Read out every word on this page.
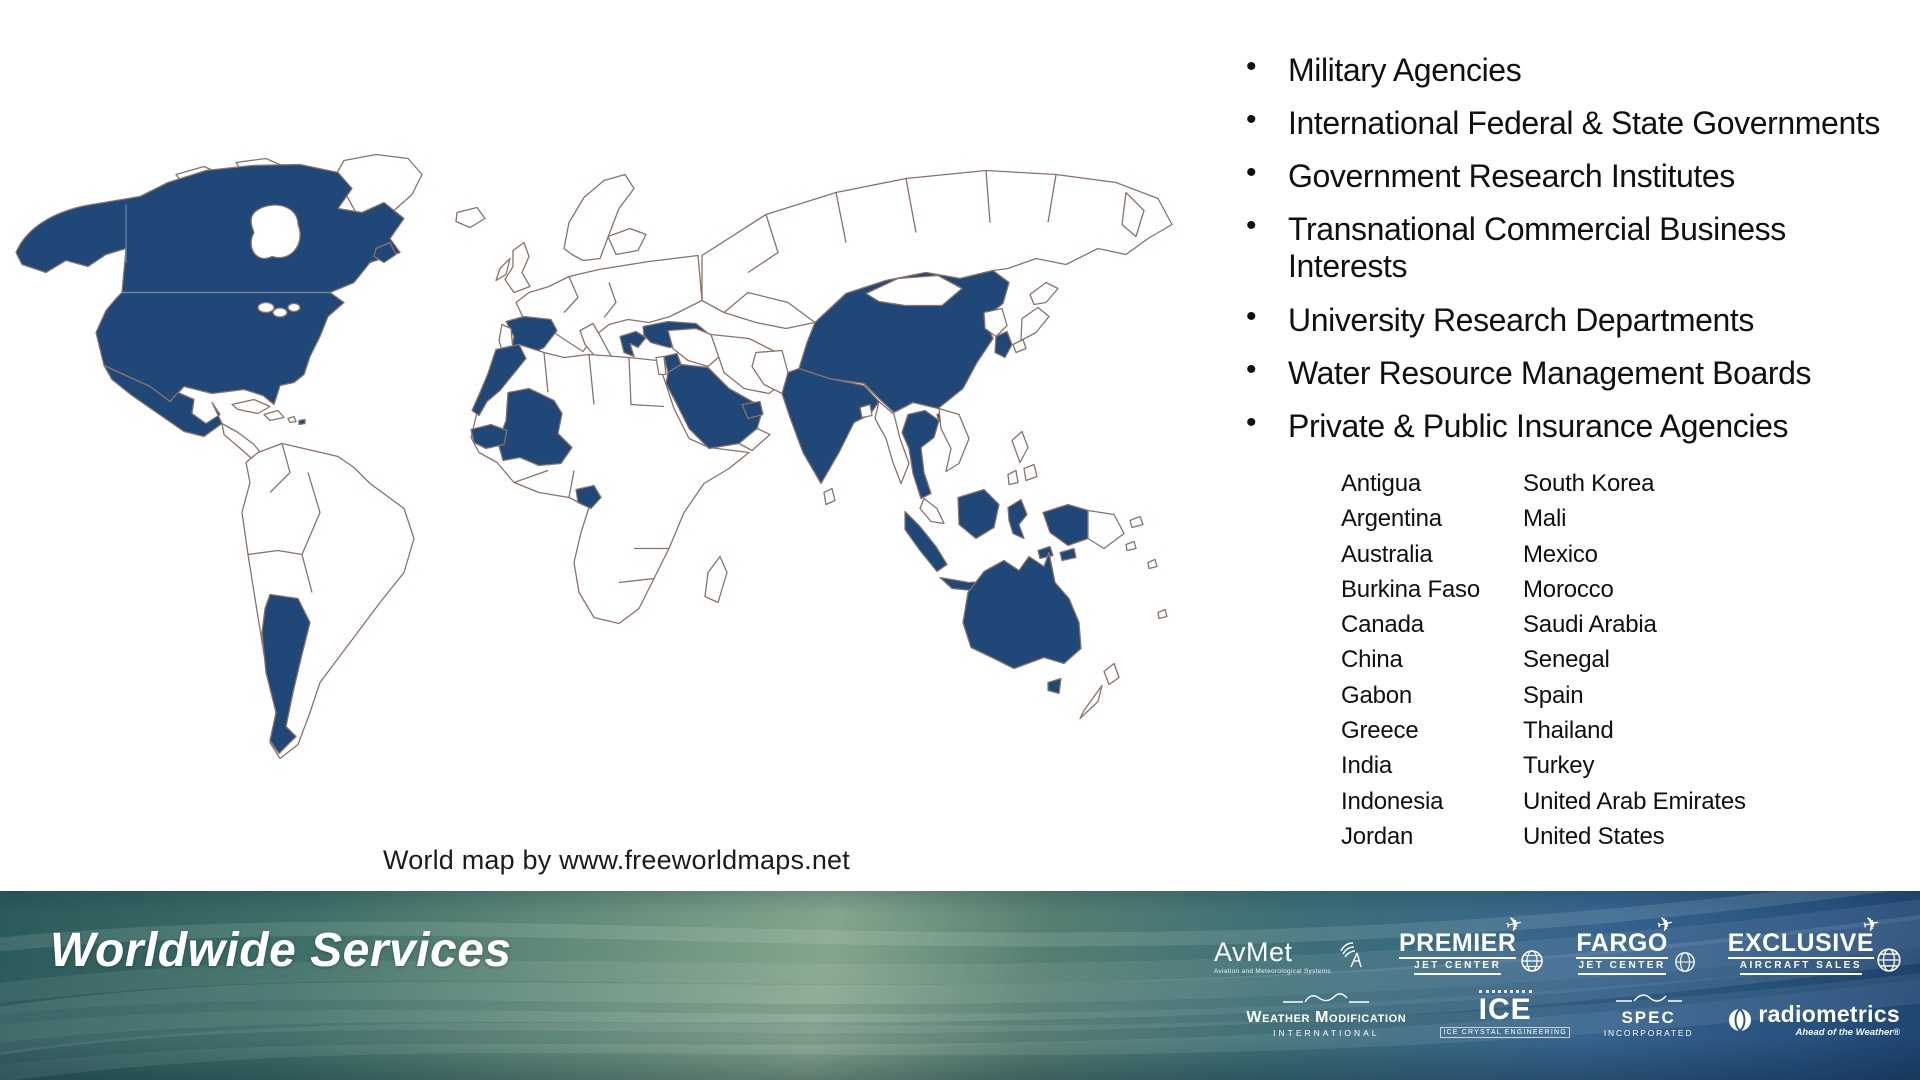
World map by www.freeworldmaps.net
• Military Agencies
• International Federal & State Governments
• Government Research Institutes
• Transnational Commercial Business Interests
• University Research Departments
• Water Resource Management Boards
• Private & Public Insurance Agencies
Antigua
Argentina
Australia
Burkina Faso
Canada
China
Gabon
Greece
India
Indonesia
Jordan
South Korea
Mali
Mexico
Morocco
Saudi Arabia
Senegal
Spain
Thailand
Turkey
United Arab Emirates
United States
Worldwide Services	AvMet
Aviation and Meteorological Systems
✈
PREMIER
JET CENTER
✈
FARGO
JET CENTER
✈
EXCLUSIVE
AIRCRAFT SALES
Weather Modification
INTERNATIONAL
ICE
ICE CRYSTAL ENGINEERING
SPEC
INCORPORATED
radiometrics
Ahead of the Weather®
